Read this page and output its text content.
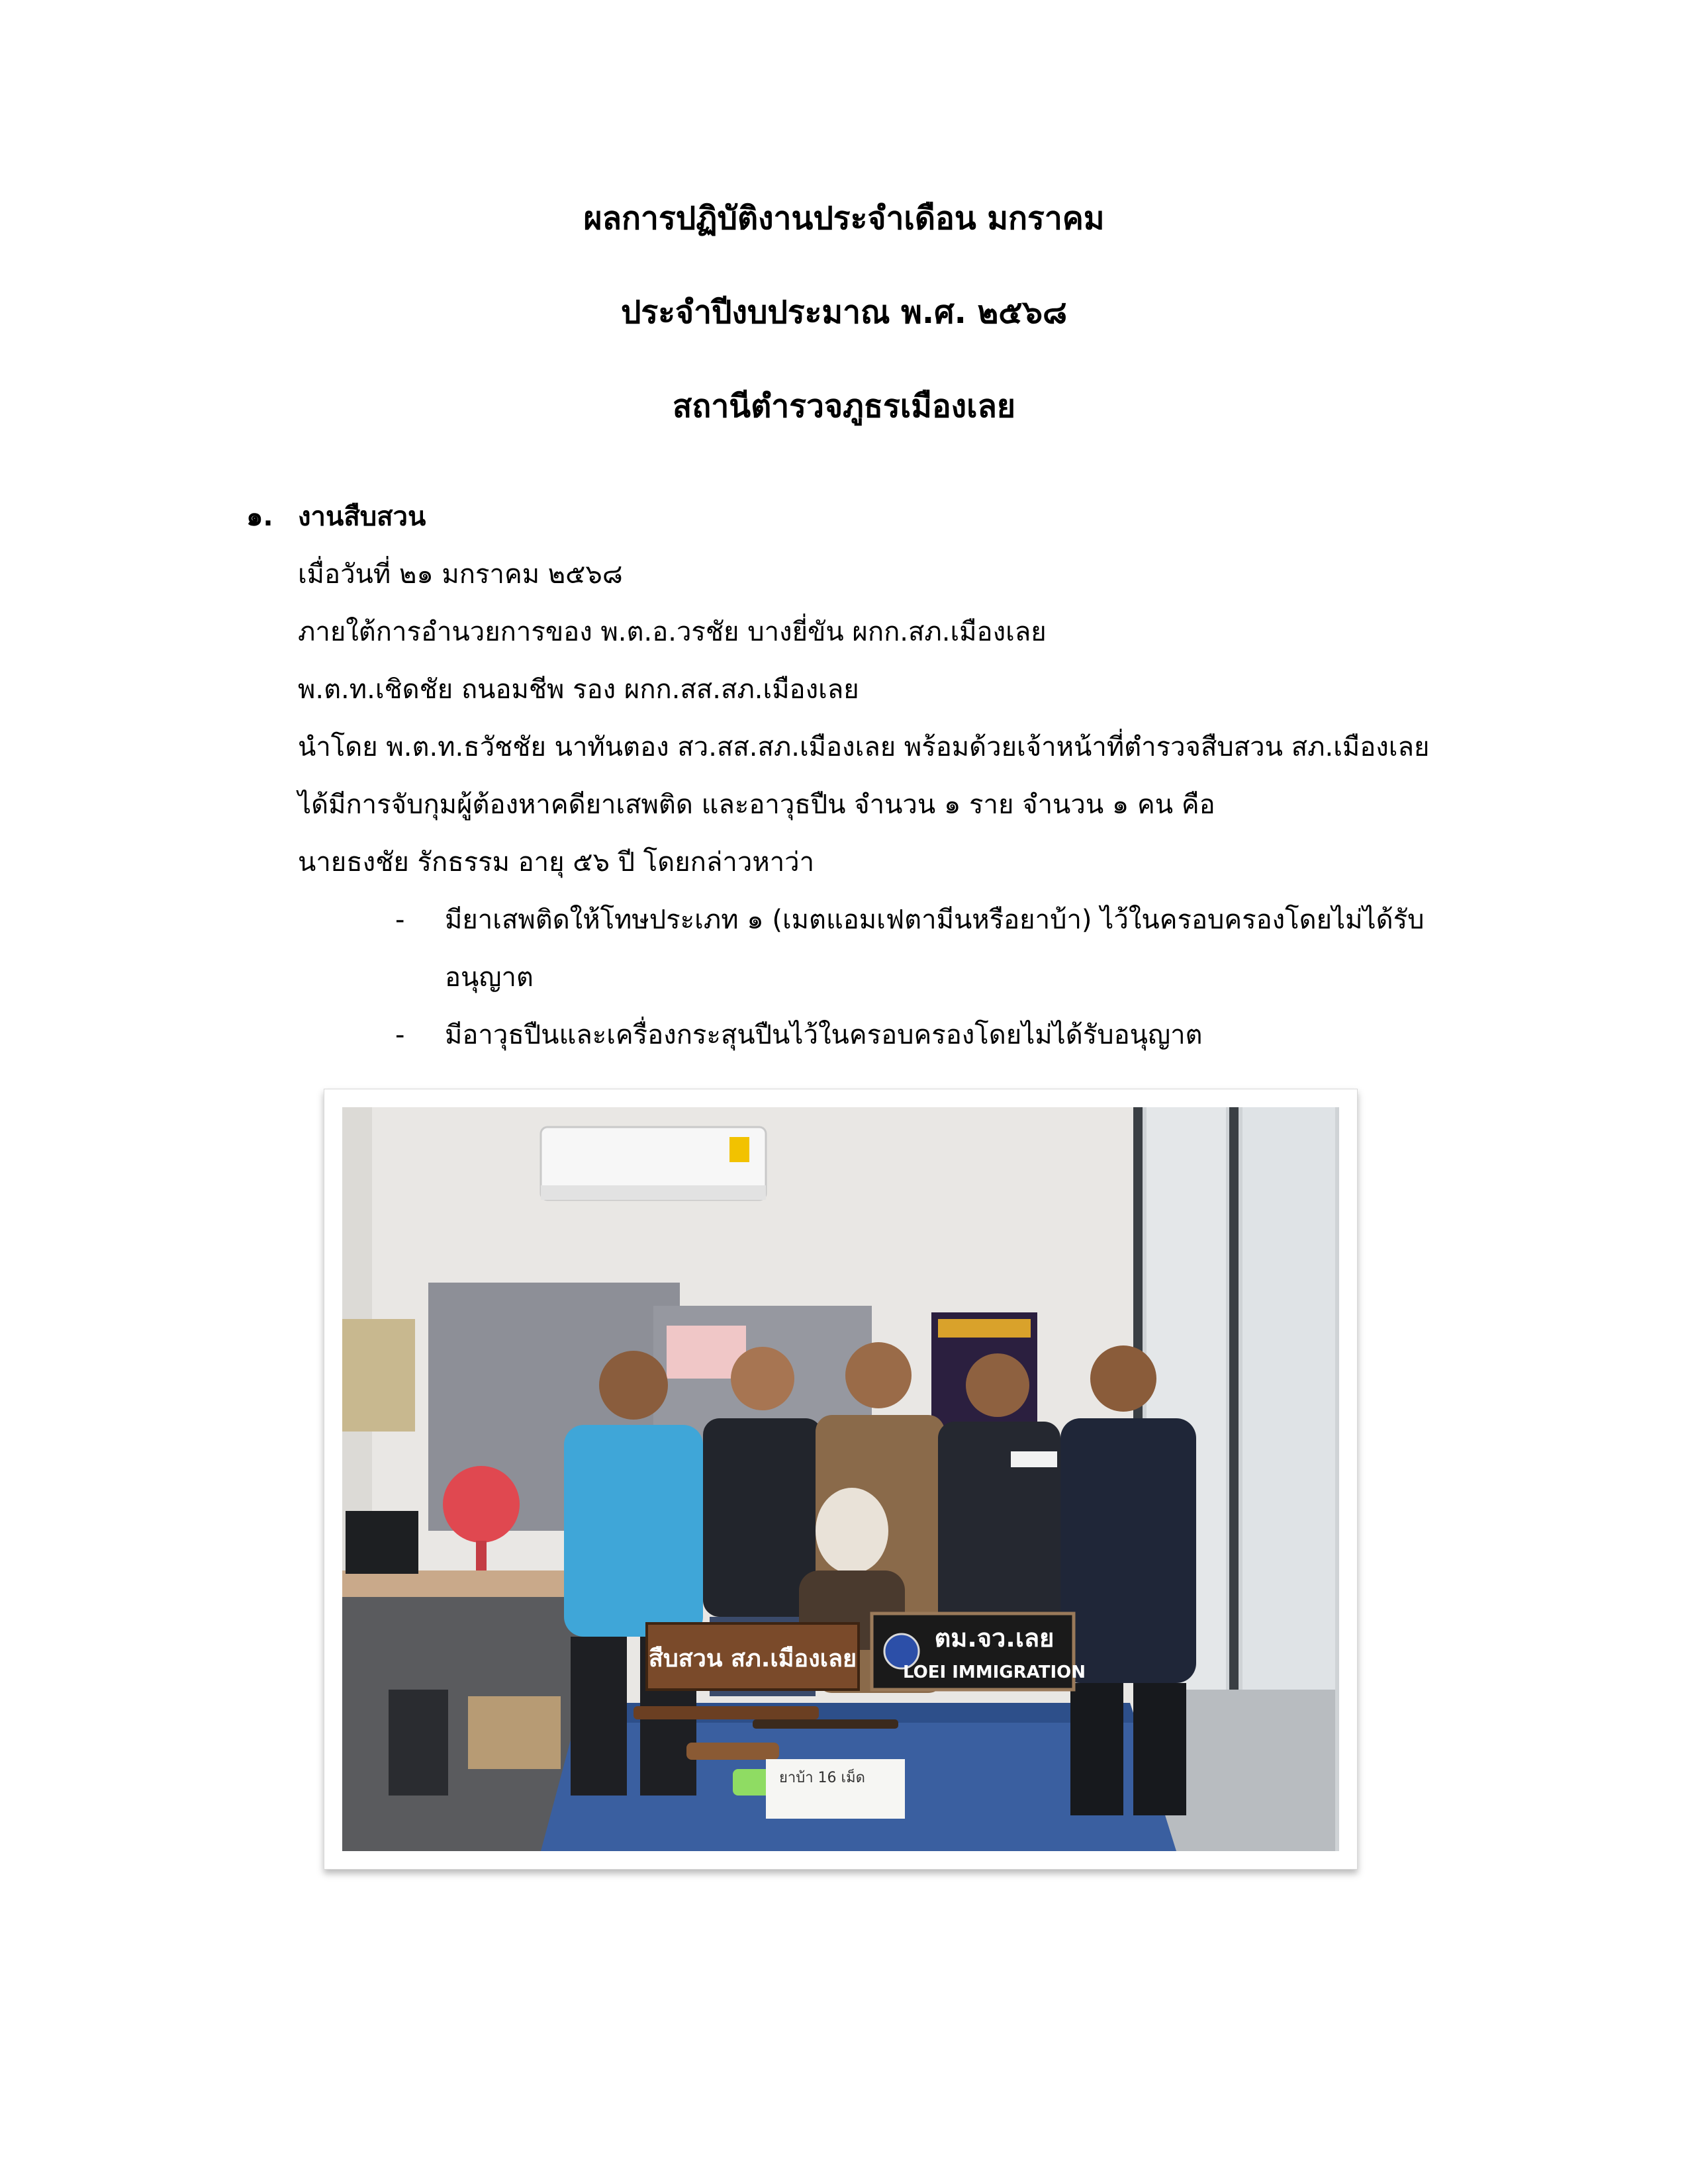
ผลการปฏิบัติงานประจำเดือน มกราคม
ประจำปีงบประมาณ พ.ศ. ๒๕๖๘
สถานีตำรวจภูธรเมืองเลย
๑. งานสืบสวน
เมื่อวันที่ ๒๑ มกราคม ๒๕๖๘
ภายใต้การอำนวยการของ พ.ต.อ.วรชัย บางยี่ขัน ผกก.สภ.เมืองเลย
พ.ต.ท.เชิดชัย ถนอมชีพ รอง ผกก.สส.สภ.เมืองเลย
นำโดย พ.ต.ท.ธวัชชัย นาทันตอง สว.สส.สภ.เมืองเลย พร้อมด้วยเจ้าหน้าที่ตำรวจสืบสวน สภ.เมืองเลย
ได้มีการจับกุมผู้ต้องหาคดียาเสพติด และอาวุธปืน จำนวน ๑ ราย จำนวน ๑ คน คือ
นายธงชัย รักธรรม อายุ ๕๖ ปี โดยกล่าวหาว่า
-	มียาเสพติดให้โทษประเภท ๑ (เมตแอมเฟตามีนหรือยาบ้า) ไว้ในครอบครองโดยไม่ได้รับอนุญาต
-	มีอาวุธปืนและเครื่องกระสุนปืนไว้ในครอบครองโดยไม่ได้รับอนุญาต
สืบสวน สภ.เมืองเลย
ตม.จว.เลย
LOEI IMMIGRATION
ยาบ้า 16 เม็ด
